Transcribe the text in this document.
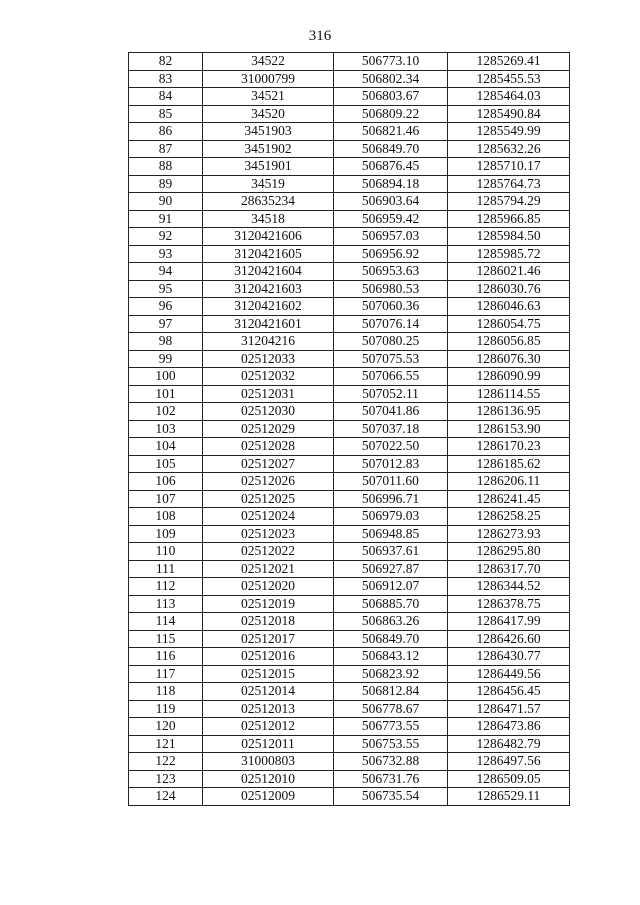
316
82	34522	506773.10	1285269.41
83	31000799	506802.34	1285455.53
84	34521	506803.67	1285464.03
85	34520	506809.22	1285490.84
86	3451903	506821.46	1285549.99
87	3451902	506849.70	1285632.26
88	3451901	506876.45	1285710.17
89	34519	506894.18	1285764.73
90	28635234	506903.64	1285794.29
91	34518	506959.42	1285966.85
92	3120421606	506957.03	1285984.50
93	3120421605	506956.92	1285985.72
94	3120421604	506953.63	1286021.46
95	3120421603	506980.53	1286030.76
96	3120421602	507060.36	1286046.63
97	3120421601	507076.14	1286054.75
98	31204216	507080.25	1286056.85
99	02512033	507075.53	1286076.30
100	02512032	507066.55	1286090.99
101	02512031	507052.11	1286114.55
102	02512030	507041.86	1286136.95
103	02512029	507037.18	1286153.90
104	02512028	507022.50	1286170.23
105	02512027	507012.83	1286185.62
106	02512026	507011.60	1286206.11
107	02512025	506996.71	1286241.45
108	02512024	506979.03	1286258.25
109	02512023	506948.85	1286273.93
110	02512022	506937.61	1286295.80
111	02512021	506927.87	1286317.70
112	02512020	506912.07	1286344.52
113	02512019	506885.70	1286378.75
114	02512018	506863.26	1286417.99
115	02512017	506849.70	1286426.60
116	02512016	506843.12	1286430.77
117	02512015	506823.92	1286449.56
118	02512014	506812.84	1286456.45
119	02512013	506778.67	1286471.57
120	02512012	506773.55	1286473.86
121	02512011	506753.55	1286482.79
122	31000803	506732.88	1286497.56
123	02512010	506731.76	1286509.05
124	02512009	506735.54	1286529.11
